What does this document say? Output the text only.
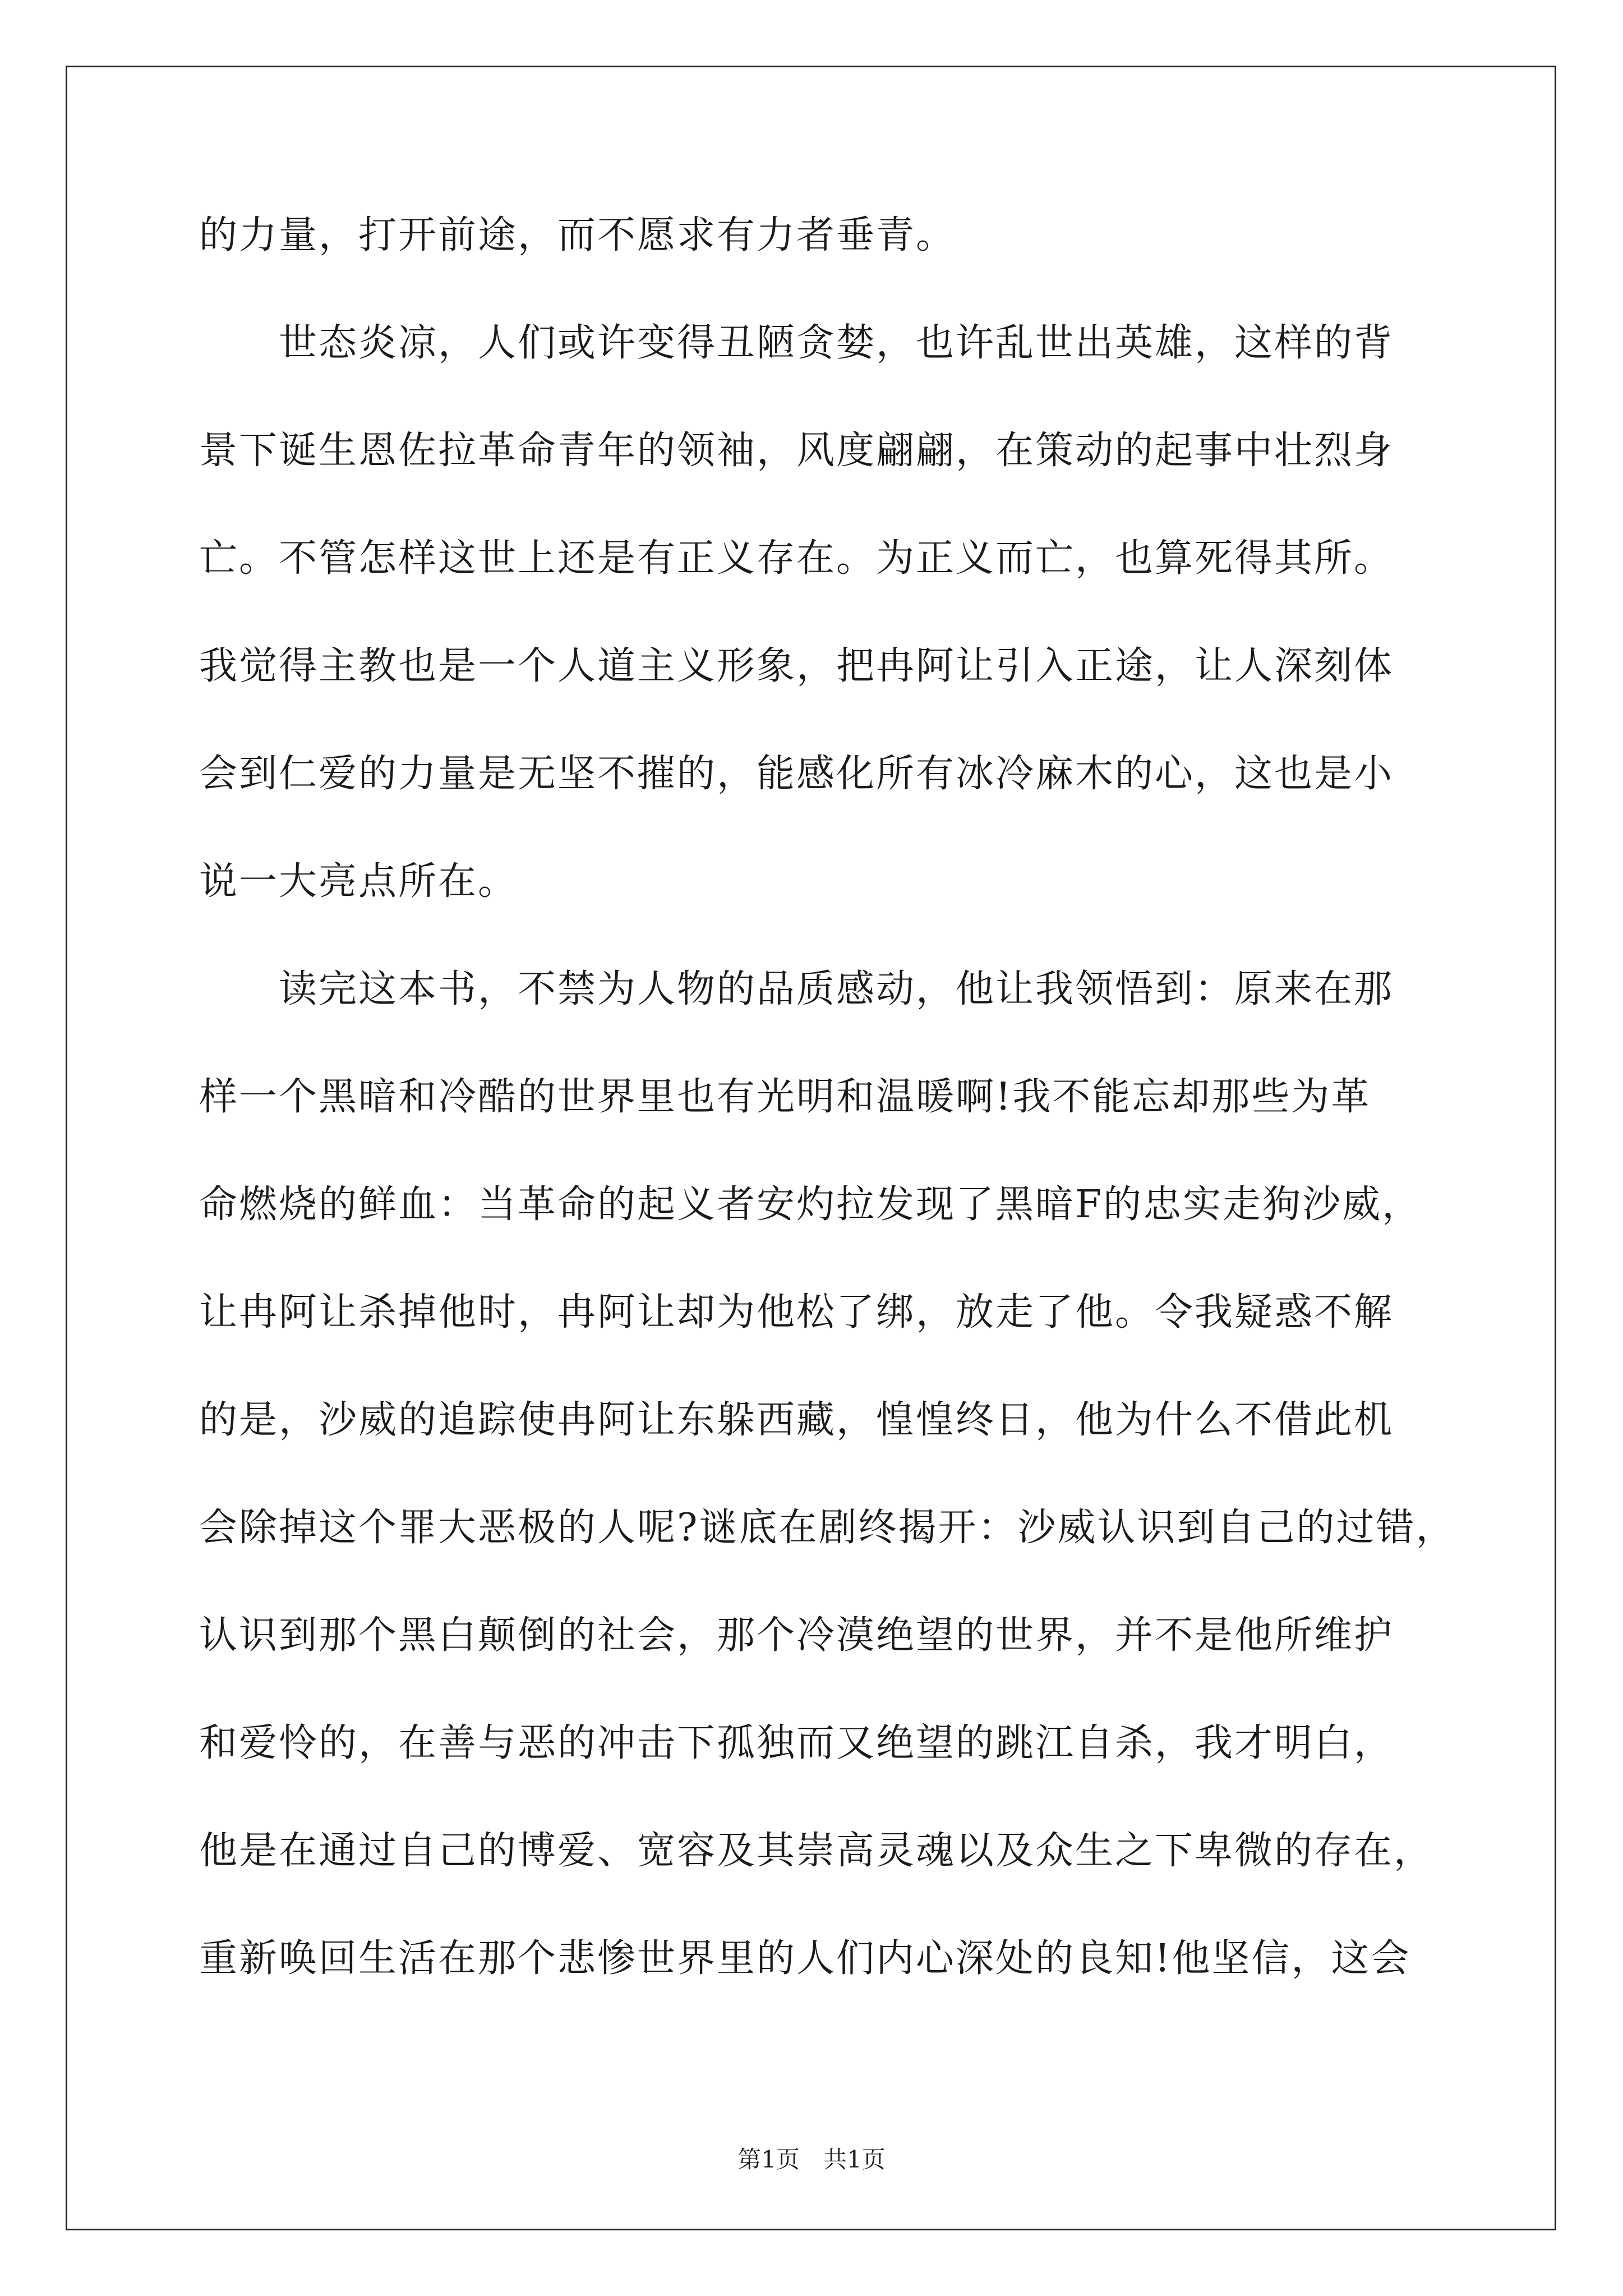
的力量，打开前途，而不愿求有力者垂青。
　　世态炎凉，人们或许变得丑陋贪婪，也许乱世出英雄，这样的背
景下诞生恩佐拉革命青年的领袖，风度翩翩，在策动的起事中壮烈身
亡。不管怎样这世上还是有正义存在。为正义而亡，也算死得其所。
我觉得主教也是一个人道主义形象，把冉阿让引入正途，让人深刻体
会到仁爱的力量是无坚不摧的，能感化所有冰冷麻木的心，这也是小
说一大亮点所在。
　　读完这本书，不禁为人物的品质感动，他让我领悟到：原来在那
样一个黑暗和冷酷的世界里也有光明和温暖啊!我不能忘却那些为革
命燃烧的鲜血：当革命的起义者安灼拉发现了黑暗F的忠实走狗沙威，
让冉阿让杀掉他时，冉阿让却为他松了绑，放走了他。令我疑惑不解
的是，沙威的追踪使冉阿让东躲西藏，惶惶终日，他为什么不借此机
会除掉这个罪大恶极的人呢?谜底在剧终揭开：沙威认识到自己的过错，
认识到那个黑白颠倒的社会，那个冷漠绝望的世界，并不是他所维护
和爱怜的，在善与恶的冲击下孤独而又绝望的跳江自杀，我才明白，
他是在通过自己的博爱、宽容及其崇高灵魂以及众生之下卑微的存在，
重新唤回生活在那个悲惨世界里的人们内心深处的良知!他坚信，这会
第1页　共1页
